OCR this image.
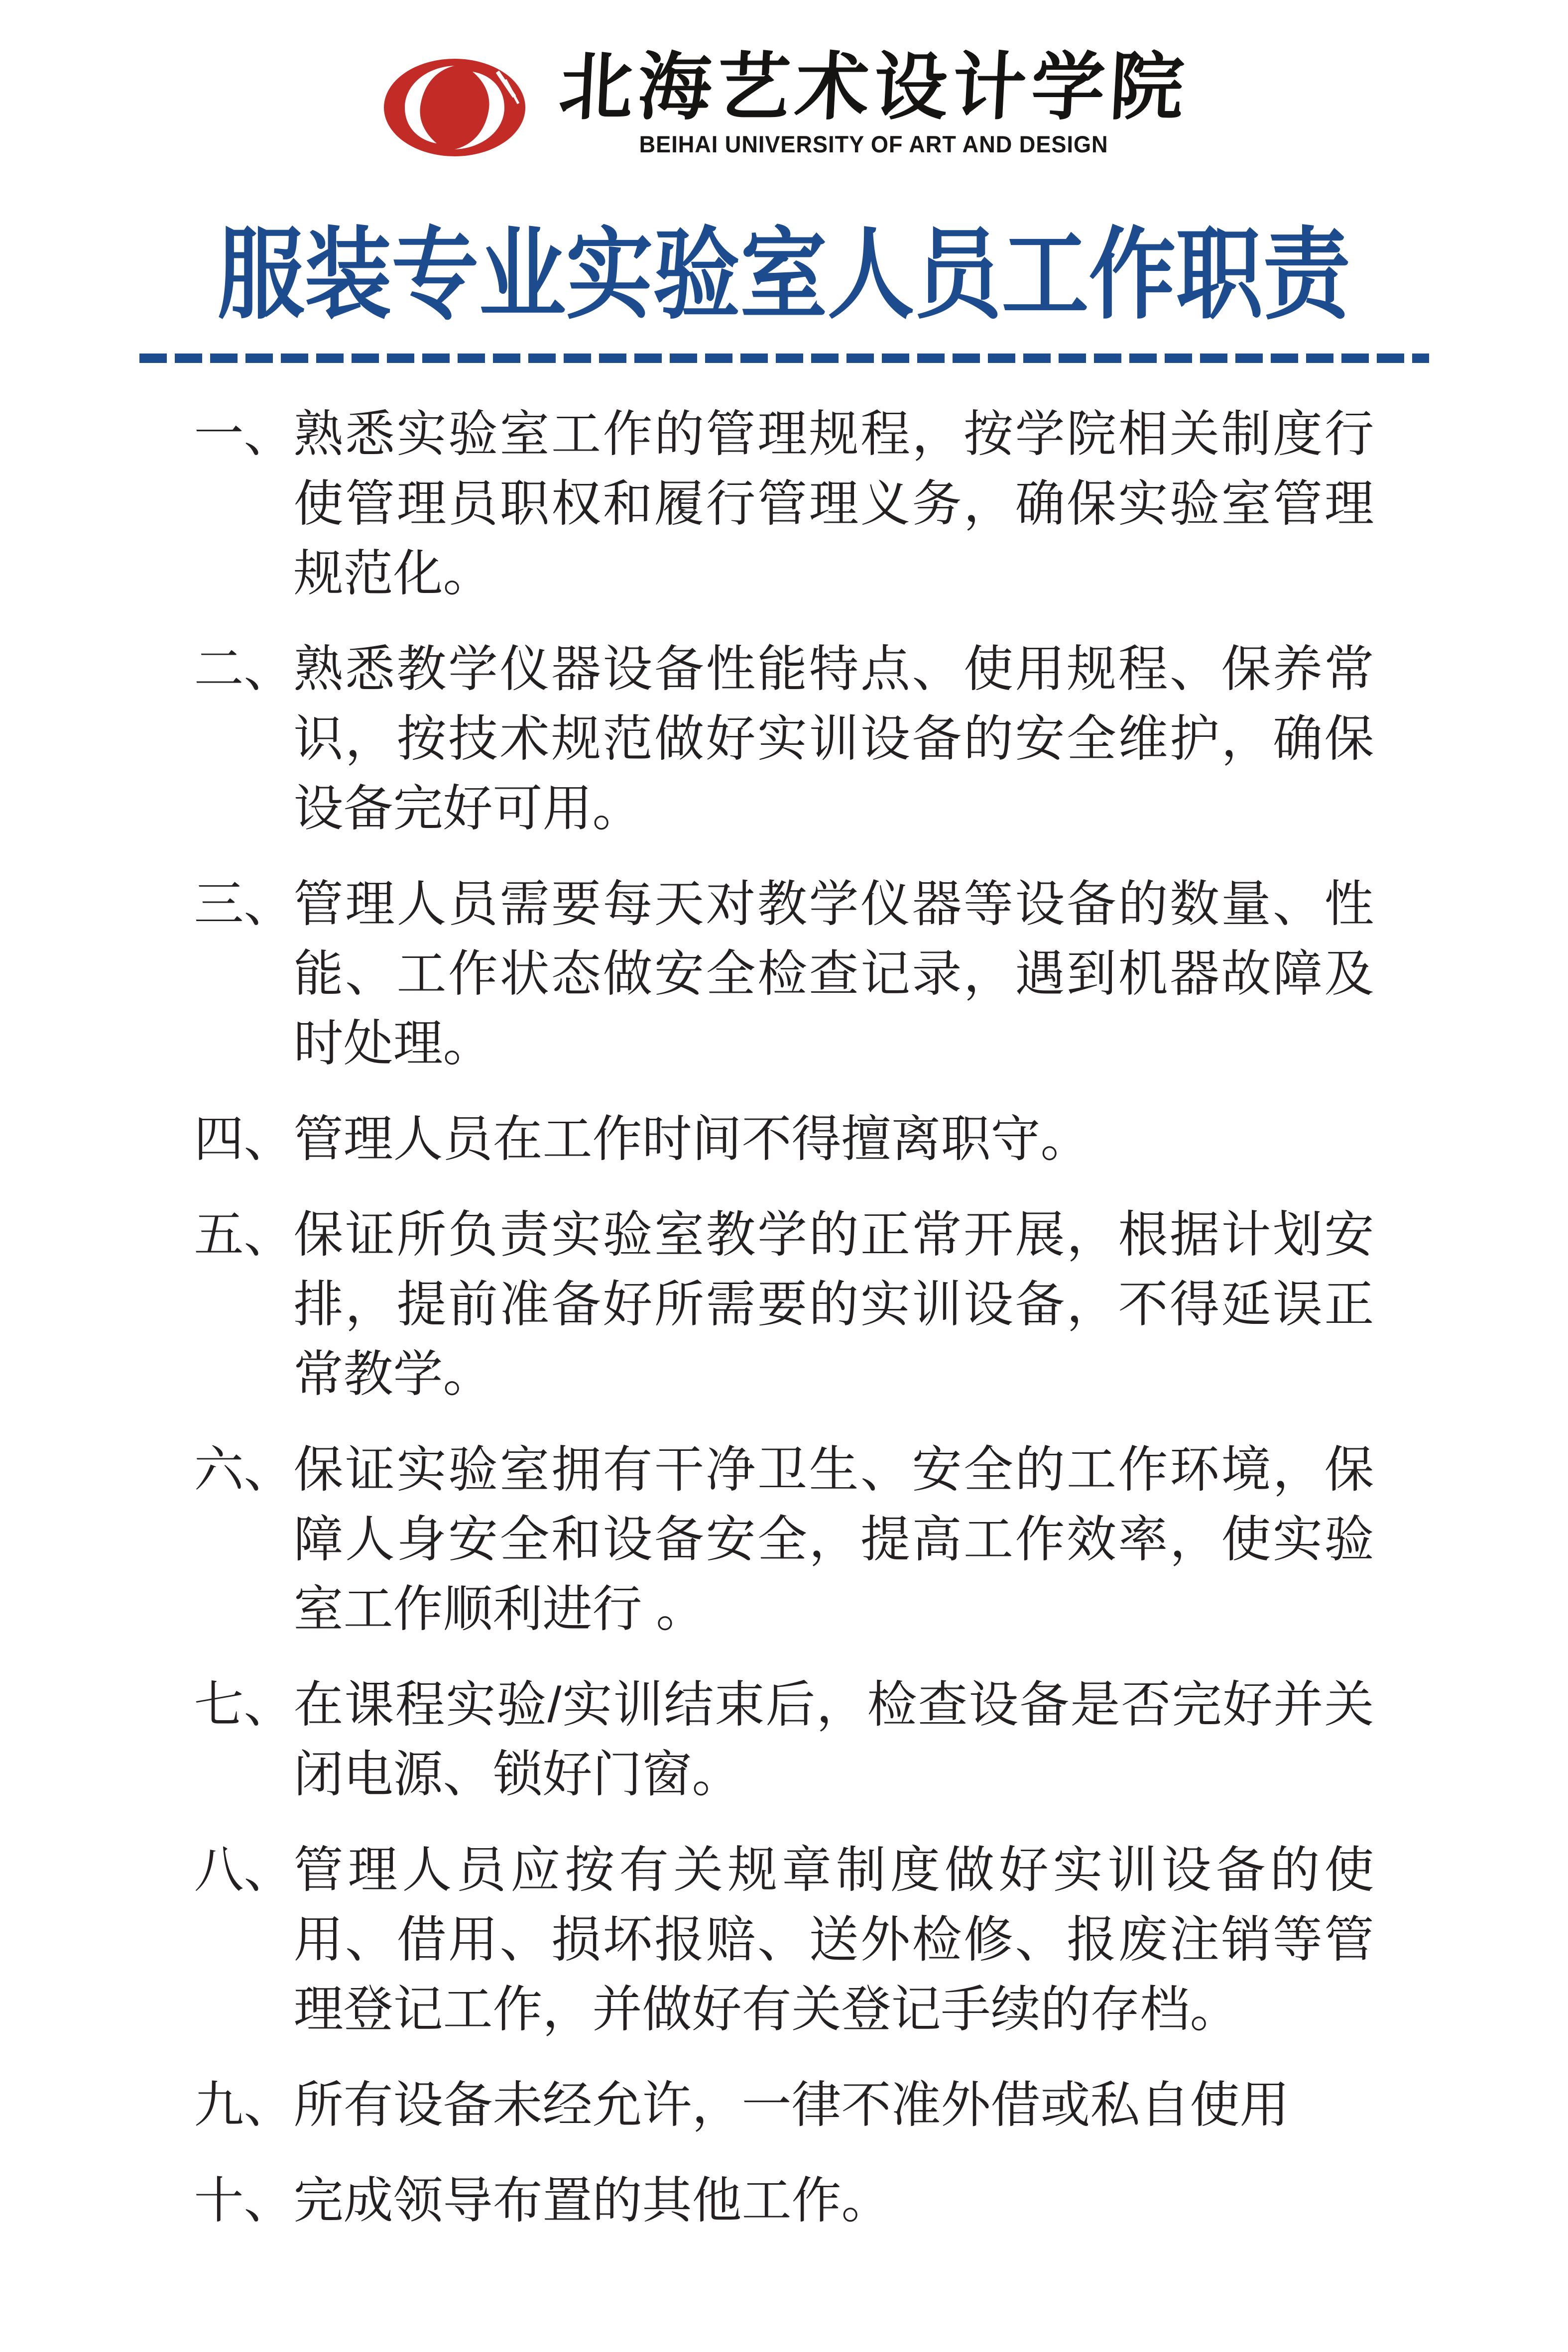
北海艺术设计学院
BEIHAI UNIVERSITY OF ART AND DESIGN
服装专业实验室人员工作职责
一、 熟悉实验室工作的管理规程，按学院相关制度行使管理员职权和履行管理义务，确保实验室管理规范化。
二、 熟悉教学仪器设备性能特点、使用规程、保养常识，按技术规范做好实训设备的安全维护，确保设备完好可用。
三、 管理人员需要每天对教学仪器等设备的数量、性能、工作状态做安全检查记录，遇到机器故障及时处理。
四、 管理人员在工作时间不得擅离职守。
五、 保证所负责实验室教学的正常开展，根据计划安排，提前准备好所需要的实训设备，不得延误正常教学。
六、 保证实验室拥有干净卫生、安全的工作环境，保障人身安全和设备安全，提高工作效率，使实验室工作顺利进行 。
七、 在课程实验/实训结束后，检查设备是否完好并关闭电源、锁好门窗。
八、 管理人员应按有关规章制度做好实训设备的使用、借用、损坏报赔、送外检修、报废注销等管理登记工作，并做好有关登记手续的存档。
九、 所有设备未经允许，一律不准外借或私自使用
十、 完成领导布置的其他工作。
